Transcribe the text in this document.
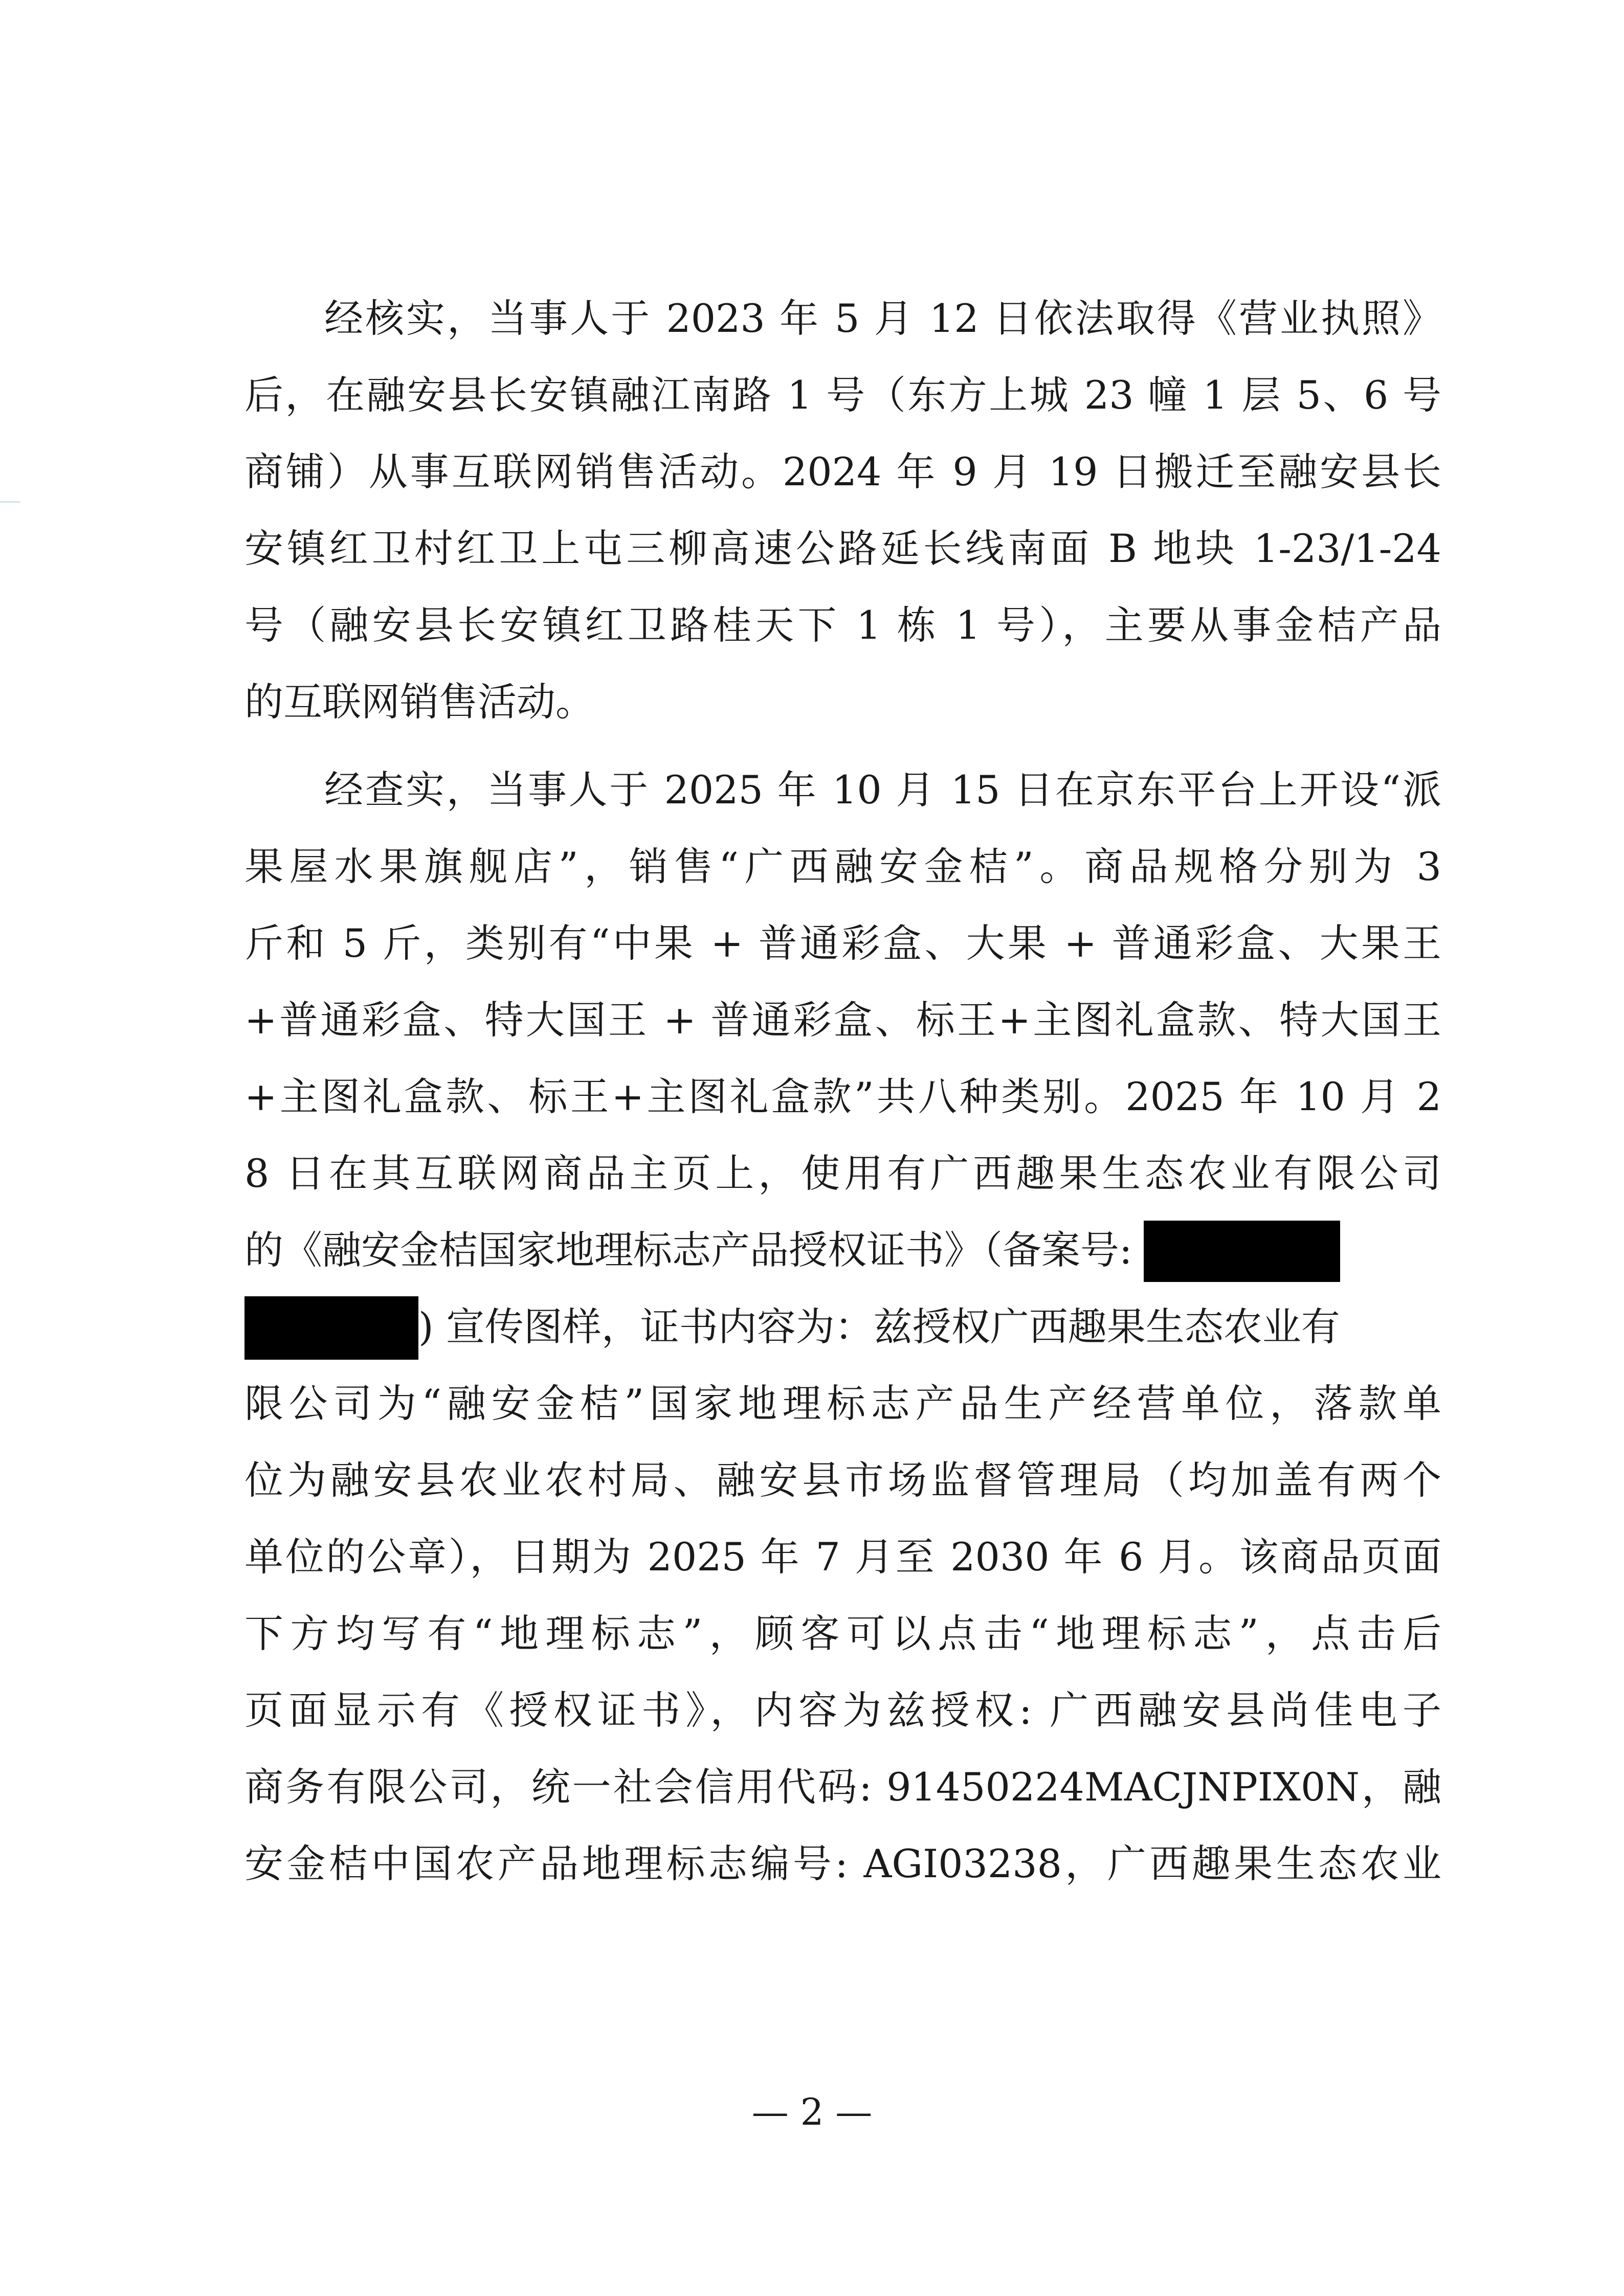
经核实，当事人于 2023 年 5 月 12 日依法取得《营业执照》
后，在融安县长安镇融江南路 1 号（东方上城 23 幢 1 层 5、6 号
商铺）从事互联网销售活动。2024 年 9 月 19 日搬迁至融安县长
安镇红卫村红卫上屯三柳高速公路延长线南面 B 地块 1-23/1-24
号（融安县长安镇红卫路桂天下 1 栋 1 号），主要从事金桔产品
的互联网销售活动。
经查实，当事人于 2025 年 10 月 15 日在京东平台上开设“派
果屋水果旗舰店”，销售“广西融安金桔”。商品规格分别为 3
斤和 5 斤，类别有“中果 + 普通彩盒、大果 + 普通彩盒、大果王
+普通彩盒、特大国王 + 普通彩盒、标王+主图礼盒款、特大国王
+主图礼盒款、标王+主图礼盒款”共八种类别。2025 年 10 月 2
8 日在其互联网商品主页上，使用有广西趣果生态农业有限公司
的《融安金桔国家地理标志产品授权证书》（备案号:
) 宣传图样，证书内容为：兹授权广西趣果生态农业有
限公司为“融安金桔”国家地理标志产品生产经营单位，落款单
位为融安县农业农村局、融安县市场监督管理局（均加盖有两个
单位的公章），日期为 2025 年 7 月至 2030 年 6 月。该商品页面
下方均写有“地理标志”，顾客可以点击“地理标志”，点击后
页面显示有《授权证书》，内容为兹授权: 广西融安县尚佳电子
商务有限公司，统一社会信用代码: 91450224MACJNPIX0N，融
安金桔中国农产品地理标志编号: AGI03238，广西趣果生态农业
— 2 —
